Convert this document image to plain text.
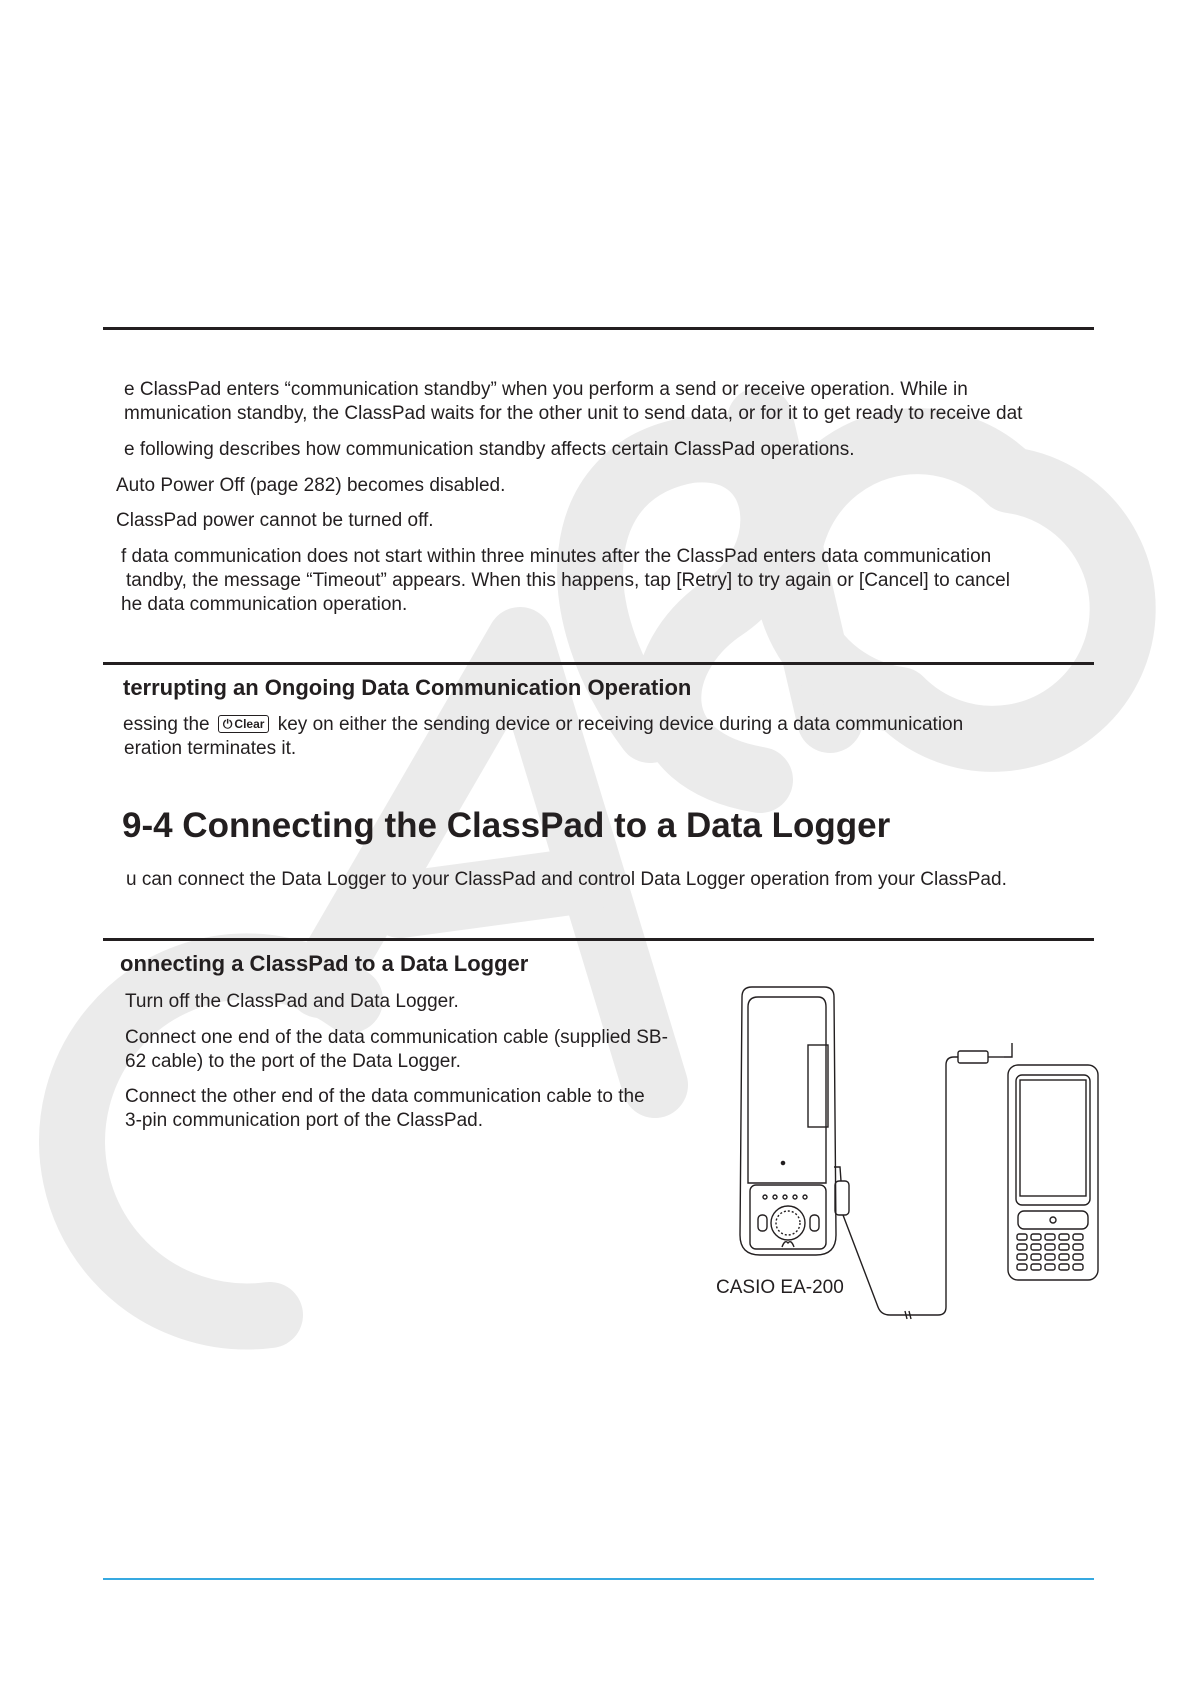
e ClassPad enters “communication standby” when you perform a send or receive operation. While in
mmunication standby, the ClassPad waits for the other unit to send data, or for it to get ready to receive dat
e following describes how communication standby affects certain ClassPad operations.
Auto Power Off (page 282) becomes disabled.
ClassPad power cannot be turned off.
f data communication does not start within three minutes after the ClassPad enters data communication
tandby, the message “Timeout” appears. When this happens, tap [Retry] to try again or [Cancel] to cancel
he data communication operation.
terrupting an Ongoing Data Communication Operation
essing the ⏻ Clear key on either the sending device or receiving device during a data communication
eration terminates it.
9-4 Connecting the ClassPad to a Data Logger
u can connect the Data Logger to your ClassPad and control Data Logger operation from your ClassPad.
onnecting a ClassPad to a Data Logger
Turn off the ClassPad and Data Logger.
Connect one end of the data communication cable (supplied SB-
62 cable) to the port of the Data Logger.
Connect the other end of the data communication cable to the
3-pin communication port of the ClassPad.
CASIO EA-200
